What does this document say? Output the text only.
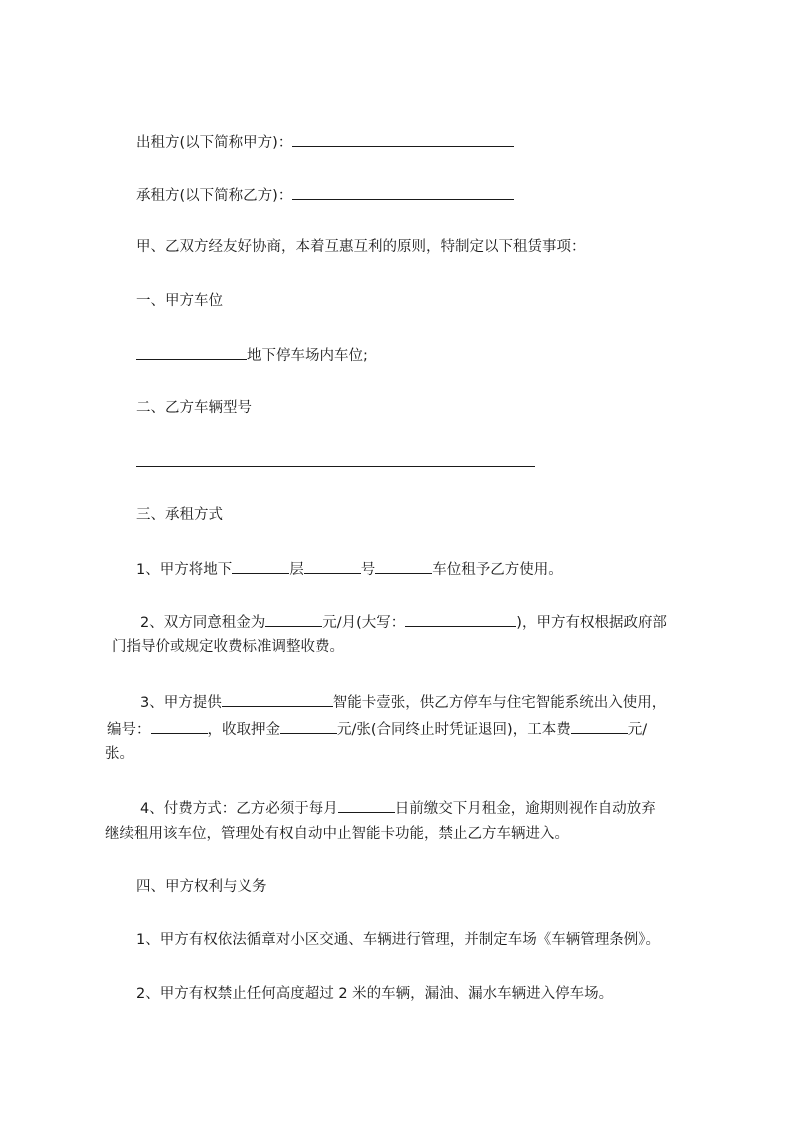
出租方(以下简称甲方)：
承租方(以下简称乙方)：
甲、乙双方经友好协商，本着互惠互利的原则，特制定以下租赁事项：
一、甲方车位
地下停车场内车位;
二、乙方车辆型号
三、承租方式
1、甲方将地下	层	号	车位租予乙方使用。
2、双方同意租金为	元/月(大写：	)，甲方有权根据政府部
门指导价或规定收费标准调整收费。
3、甲方提供	智能卡壹张，供乙方停车与住宅智能系统出入使用，
编号：	，收取押金	元/张(合同终止时凭证退回)，工本费	元/
张。
4、付费方式：乙方必须于每月	日前缴交下月租金，逾期则视作自动放弃
继续租用该车位，管理处有权自动中止智能卡功能，禁止乙方车辆进入。
四、甲方权利与义务
1、甲方有权依法循章对小区交通、车辆进行管理，并制定车场《车辆管理条例》。
2、甲方有权禁止任何高度超过 2 米的车辆，漏油、漏水车辆进入停车场。
